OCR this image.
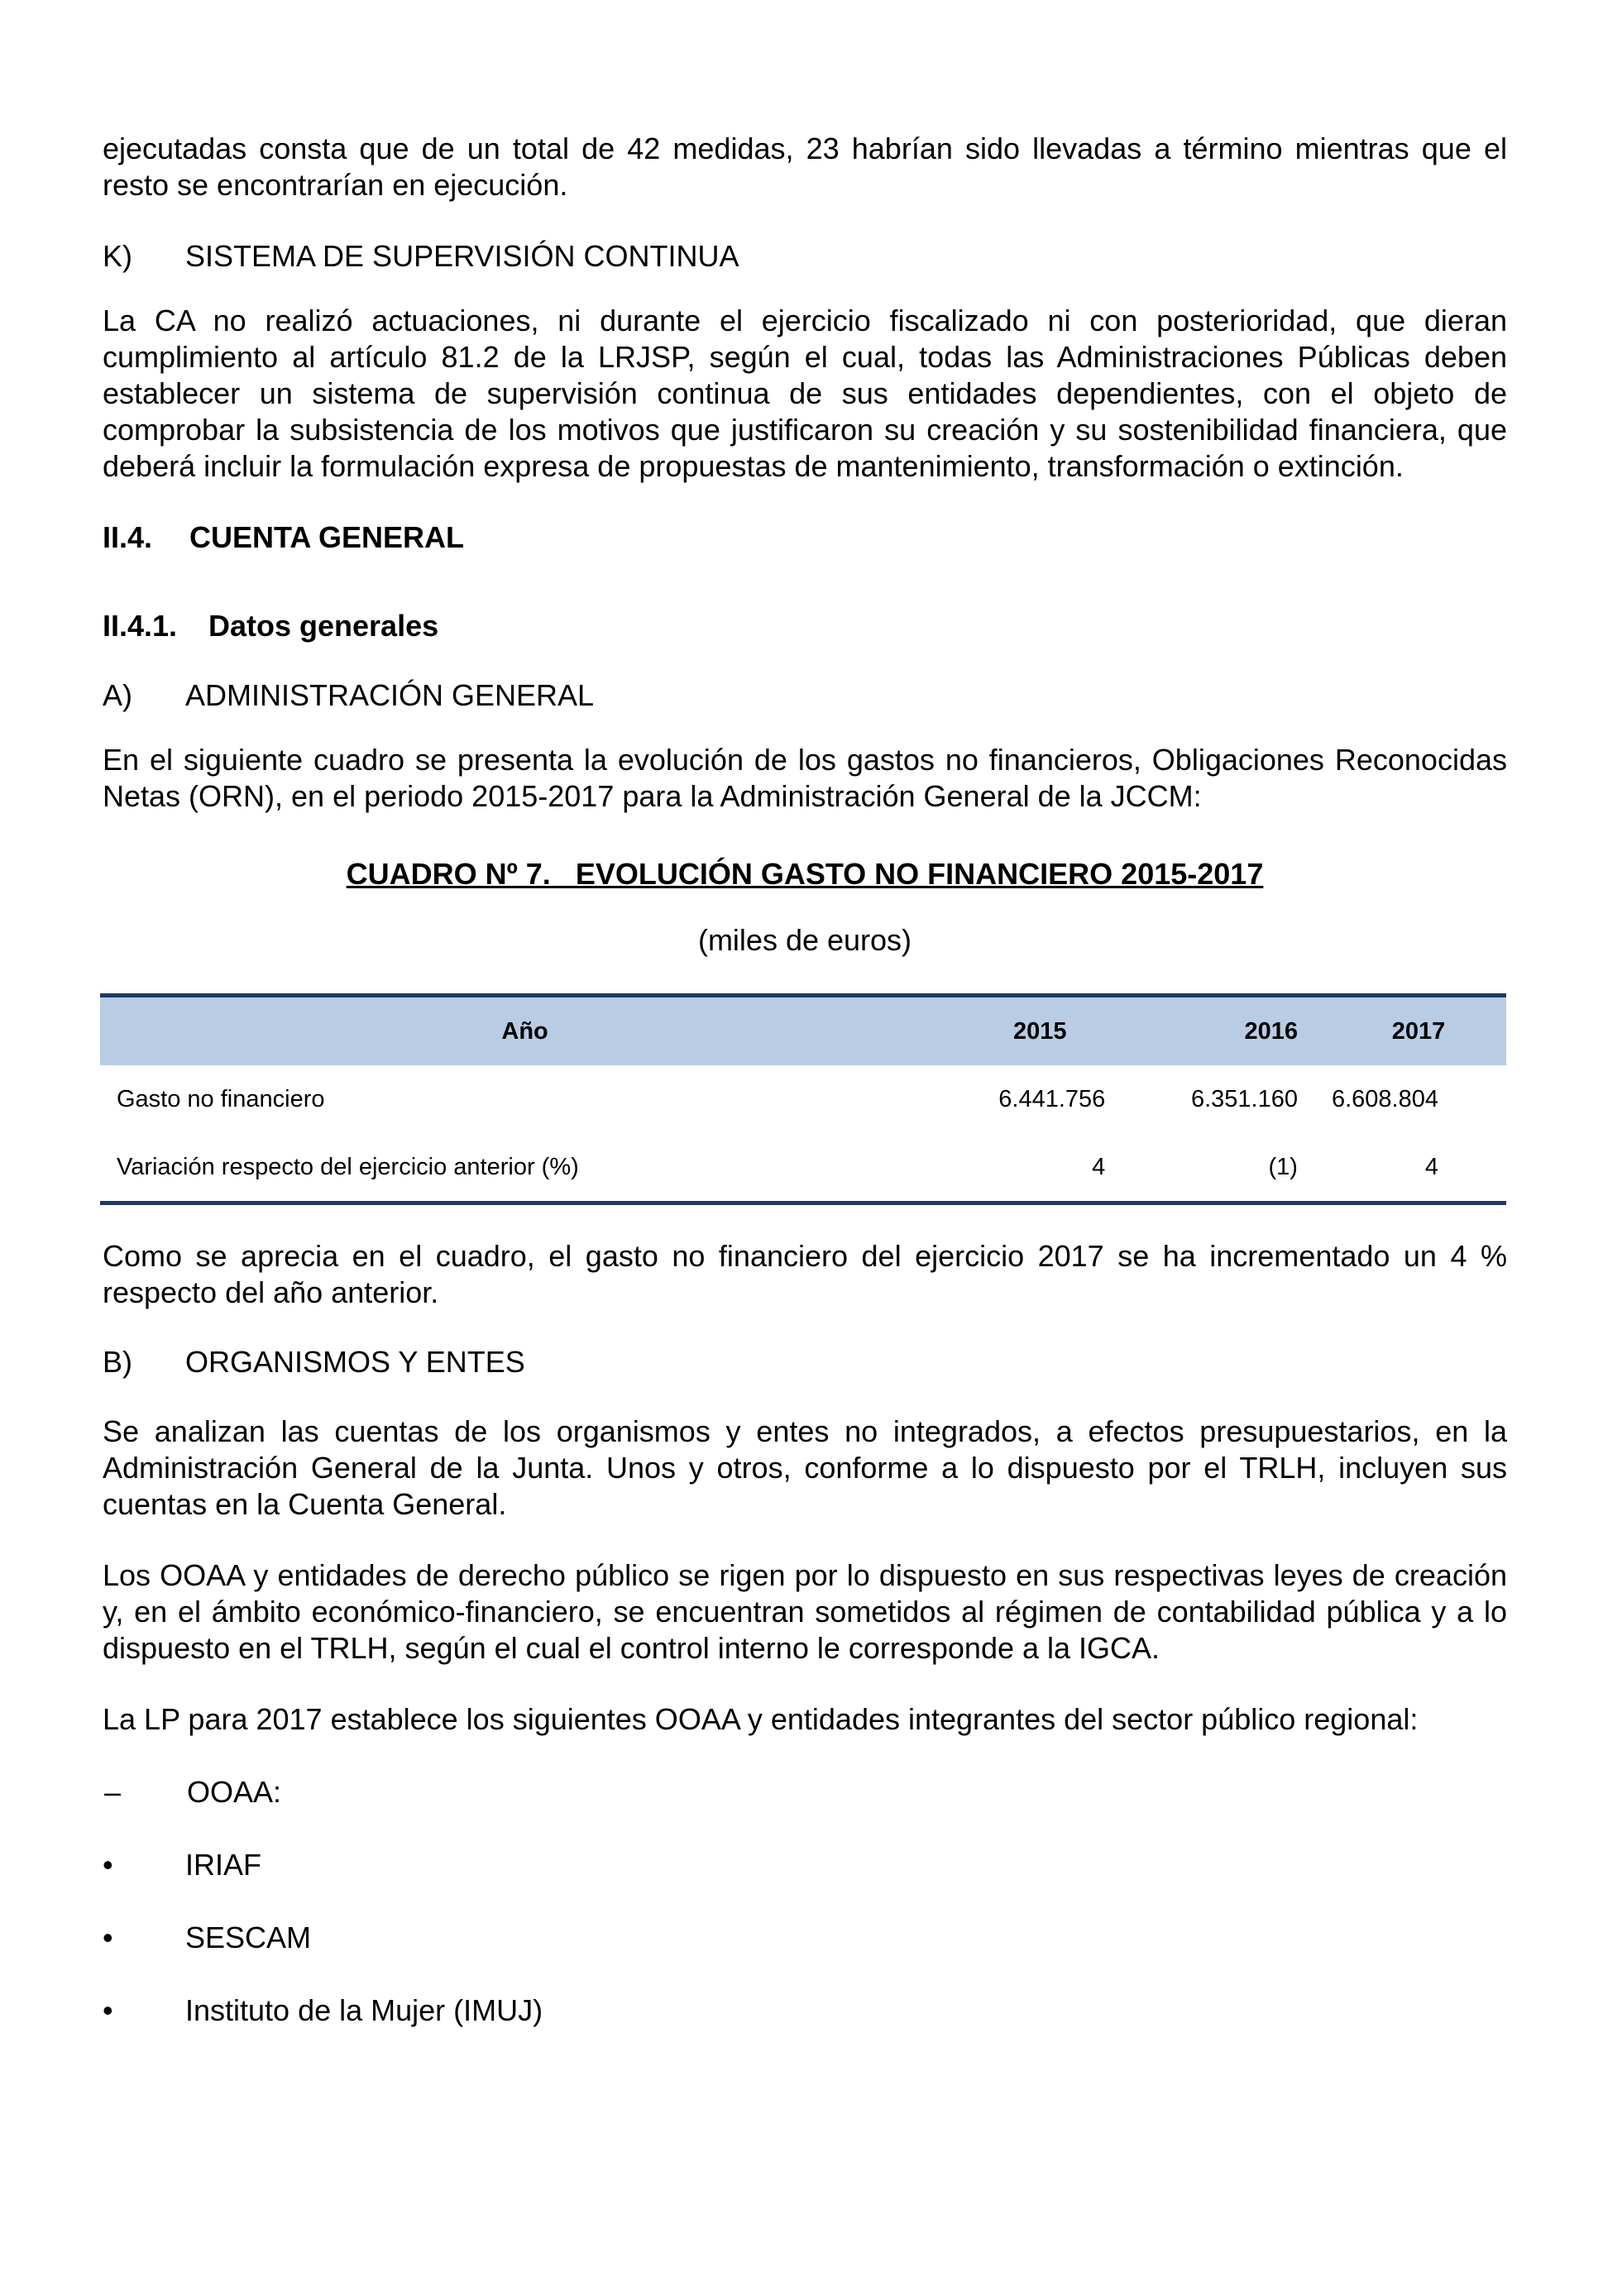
ejecutadas consta que de un total de 42 medidas, 23 habrían sido llevadas a término mientras que el resto se encontrarían en ejecución.

K)	SISTEMA DE SUPERVISIÓN CONTINUA

La CA no realizó actuaciones, ni durante el ejercicio fiscalizado ni con posterioridad, que dieran cumplimiento al artículo 81.2 de la LRJSP, según el cual, todas las Administraciones Públicas deben establecer un sistema de supervisión continua de sus entidades dependientes, con el objeto de comprobar la subsistencia de los motivos que justificaron su creación y su sostenibilidad financiera, que deberá incluir la formulación expresa de propuestas de mantenimiento, transformación o extinción.

II.4.	CUENTA GENERAL
II.4.1.	Datos generales
A)	ADMINISTRACIÓN GENERAL

En el siguiente cuadro se presenta la evolución de los gastos no financieros, Obligaciones Reconocidas Netas (ORN), en el periodo 2015-2017 para la Administración General de la JCCM:

CUADRO Nº 7.   EVOLUCIÓN GASTO NO FINANCIERO 2015-2017
(miles de euros)
Año	2015	2016	2017
Gasto no financiero	6.441.756	6.351.160	6.608.804
Variación respecto del ejercicio anterior (%)	4	(1)	4

Como se aprecia en el cuadro, el gasto no financiero del ejercicio 2017 se ha incrementado un 4 % respecto del año anterior.

B)	ORGANISMOS Y ENTES

Se analizan las cuentas de los organismos y entes no integrados, a efectos presupuestarios, en la Administración General de la Junta. Unos y otros, conforme a lo dispuesto por el TRLH, incluyen sus cuentas en la Cuenta General.

Los OOAA y entidades de derecho público se rigen por lo dispuesto en sus respectivas leyes de creación y, en el ámbito económico-financiero, se encuentran sometidos al régimen de contabilidad pública y a lo dispuesto en el TRLH, según el cual el control interno le corresponde a la IGCA.

La LP para 2017 establece los siguientes OOAA y entidades integrantes del sector público regional:

–	OOAA:
•	IRIAF
•	SESCAM
•	Instituto de la Mujer (IMUJ)
